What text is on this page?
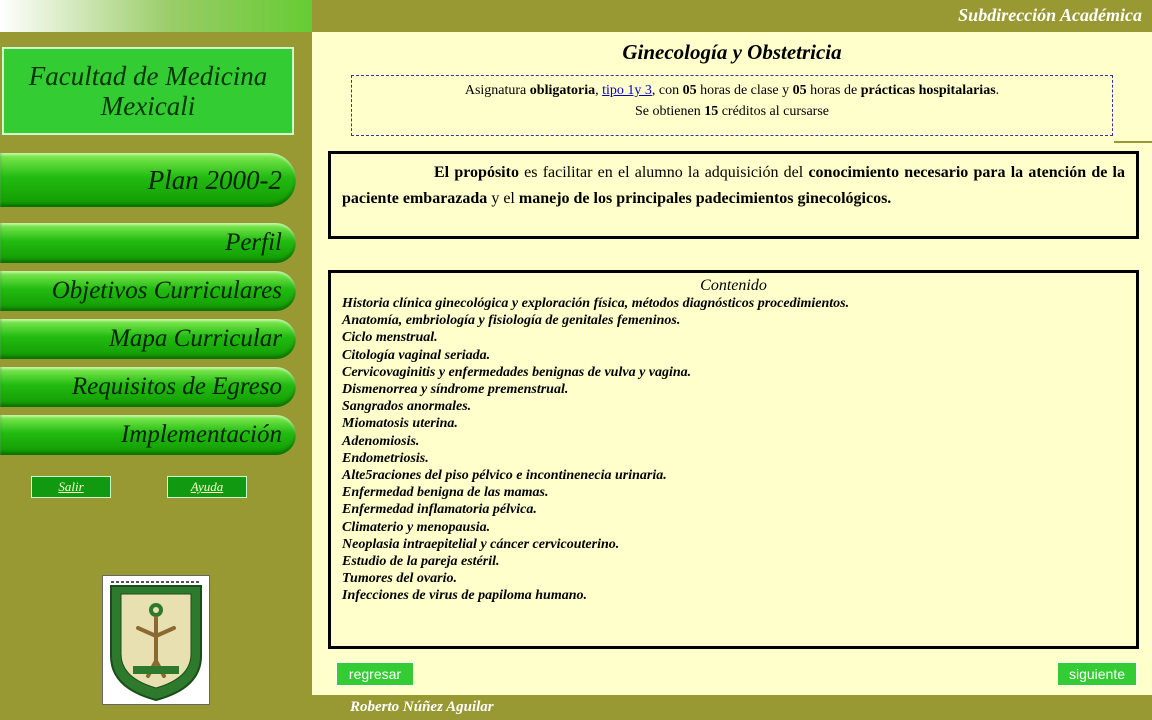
Subdirección Académica
Facultad de Medicina
Mexicali
Plan 2000-2
Perfil
Objetivos Curriculares
Mapa Curricular
Requisitos de Egreso
Implementación
Salir	Ayuda
Ginecología y Obstetricia
Asignatura obligatoria, tipo 1y 3, con 05 horas de clase y 05 horas de prácticas hospitalarias.
Se obtienen 15 créditos al cursarse
El propósito es facilitar en el alumno la adquisición del conocimiento necesario para la atención de la paciente embarazada y el manejo de los principales padecimientos ginecológicos.
Contenido
Historia clínica ginecológica y exploración física, métodos diagnósticos procedimientos.
Anatomía, embriología y fisiología de genitales femeninos.
Ciclo menstrual.
Citología vaginal seriada.
Cervicovaginitis y enfermedades benignas de vulva y vagina.
Dismenorrea y síndrome premenstrual.
Sangrados anormales.
Miomatosis uterina.
Adenomiosis.
Endometriosis.
Alte5raciones del piso pélvico e incontinenecia urinaria.
Enfermedad benigna de las mamas.
Enfermedad inflamatoria pélvica.
Climaterio y menopausia.
Neoplasia intraepitelial y cáncer cervicouterino.
Estudio de la pareja estéril.
Tumores del ovario.
Infecciones de virus de papiloma humano.
regresar	siguiente
Roberto Núñez Aguilar
